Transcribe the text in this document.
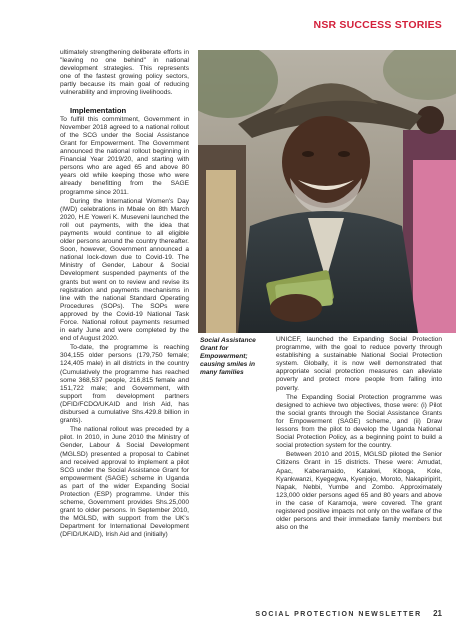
NSR SUCCESS STORIES

ultimately strengthening deliberate efforts in "leaving no one behind" in national development strategies. This represents one of the fastest growing policy sectors, partly because its main goal of reducing vulnerability and improving livelihoods.

Implementation

To fulfill this commitment, Government in November 2018 agreed to a national rollout of the SCG under the Social Assistance Grant for Empowerment. The Government announced the national rollout beginning in Financial Year 2019/20, and starting with persons who are aged 65 and above 80 years old while keeping those who were already benefitting from the SAGE programme since 2011.

During the International Women's Day (IWD) celebrations in Mbale on 8th March 2020, H.E Yoweri K. Museveni launched the roll out payments, with the idea that payments would continue to all eligible older persons around the country thereafter. Soon, however, Government announced a national lock-down due to Covid-19. The Ministry of Gender, Labour & Social Development suspended payments of the grants but went on to review and revise its registration and payments mechanisms in line with the national Standard Operating Procedures (SOPs). The SOPs were approved by the Covid-19 National Task Force. National rollout payments resumed in early June and were completed by the end of August 2020.

To-date, the programme is reaching 304,155 older persons (179,750 female; 124,405 male) in all districts in the country (Cumulatively the programme has reached some 368,537 people, 216,815 female and 151,722 male; and Government, with support from development partners (DFID/FCDO/UKAID and Irish Aid, has disbursed a cumulative Shs.429.8 billion in grants).

The national rollout was preceded by a pilot. In 2010, in June 2010 the Ministry of Gender, Labour & Social Development (MGLSD) presented a proposal to Cabinet and received approval to implement a pilot SCG under the Social Assistance Grant for empowerment (SAGE) scheme in Uganda as part of the wider Expanding Social Protection (ESP) programme. Under this scheme, Government provides Shs.25,000 grant to older persons. In September 2010, the MGLSD, with support from the UK's Department for International Development (DFID/UKAID), Irish Aid and (initially)

Social Assistance Grant for Empowerment; causing smiles in many families

UNICEF, launched the Expanding Social Protection programme, with the goal to reduce poverty through establishing a sustainable National Social Protection system. Globally, it is now well demonstrated that appropriate social protection measures can alleviate poverty and protect more people from falling into poverty.

The Expanding Social Protection programme was designed to achieve two objectives, those were: (i) Pilot the social grants through the Social Assistance Grants for Empowerment (SAGE) scheme, and (ii) Draw lessons from the pilot to develop the Uganda National Social Protection Policy, as a beginning point to build a social protection system for the country.

Between 2010 and 2015, MGLSD piloted the Senior Citizens Grant in 15 districts. These were: Amudat, Apac, Kaberamaido, Katakwi, Kiboga, Kole, Kyankwanzi, Kyegegwa, Kyenjojo, Moroto, Nakapiripirit, Napak, Nebbi, Yumbe and Zombo. Approximately 123,000 older persons aged 65 and 80 years and above in the case of Karamoja, were covered. The grant registered positive impacts not only on the welfare of the older persons and their immediate family members but also on the

SOCIAL PROTECTION NEWSLETTER 21
